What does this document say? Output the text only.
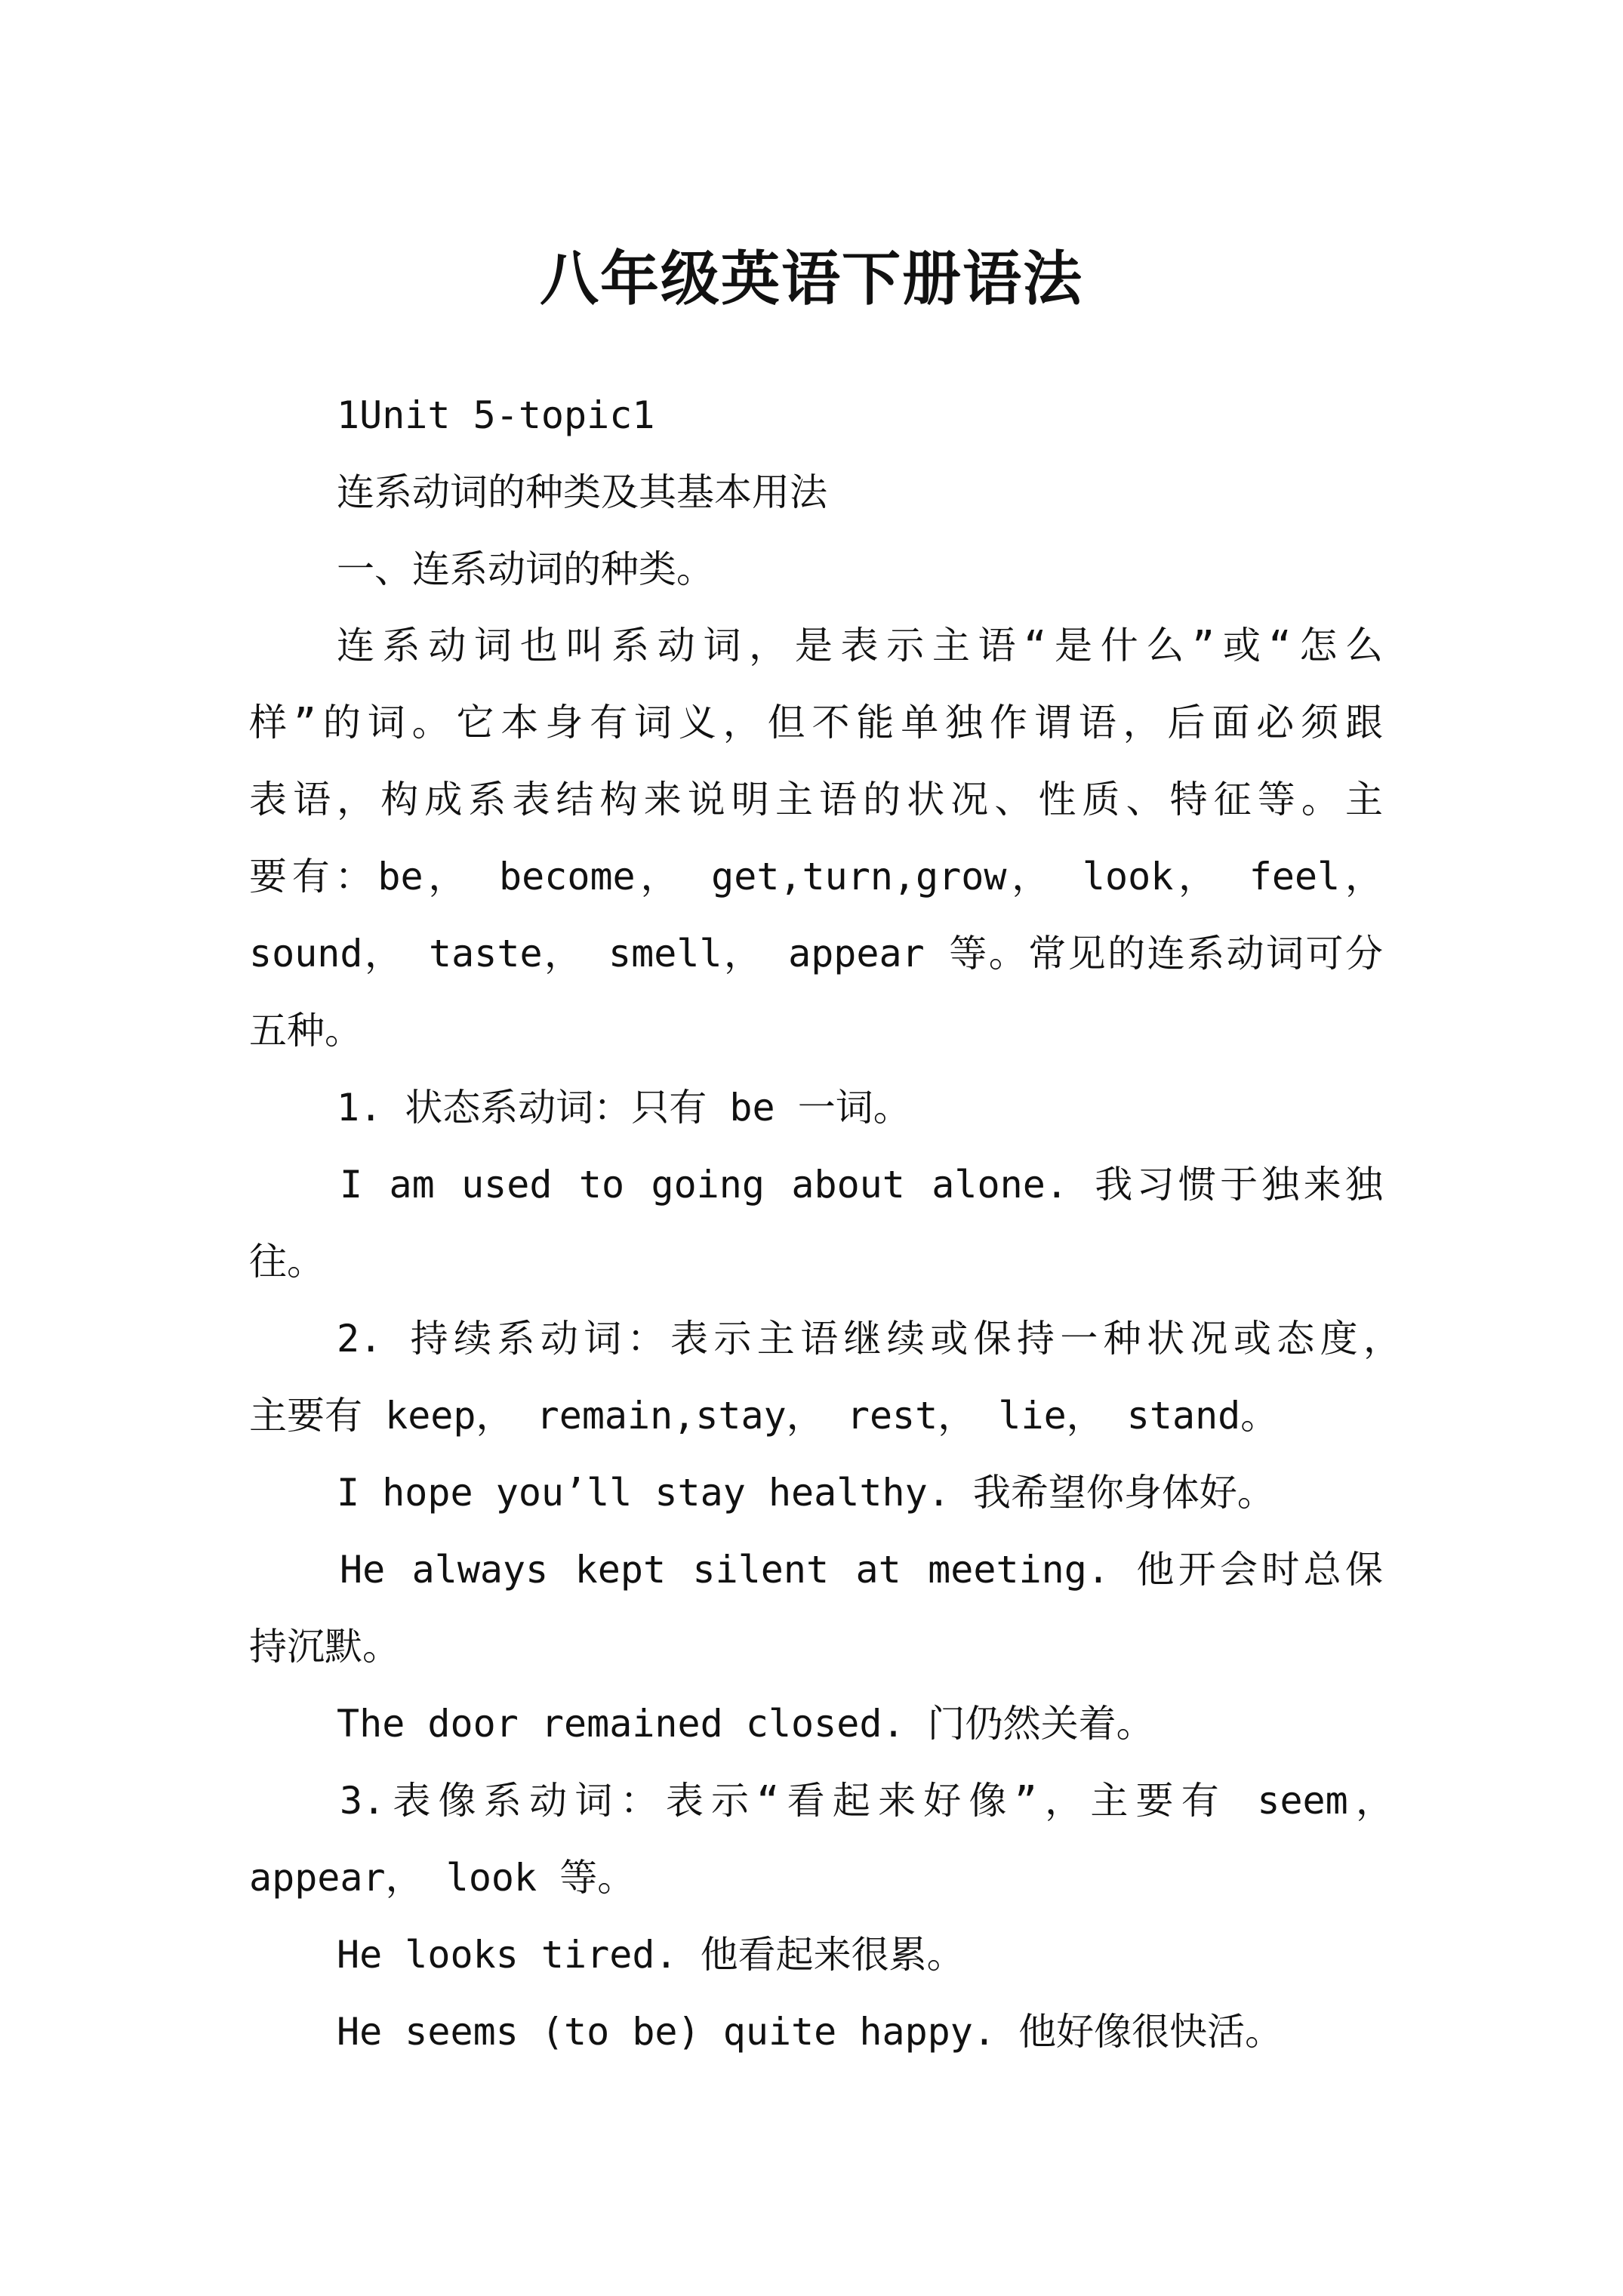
八年级英语下册语法
1Unit 5-topic1
连系动词的种类及其基本用法
一、连系动词的种类。
连系动词也叫系动词，是表示主语“是什么”或“怎么
样”的词。它本身有词义，但不能单独作谓语，后面必须跟
表语，构成系表结构来说明主语的状况、性质、特征等。主
要有：be， become， get,turn,grow， look， feel，
sound， taste， smell， appear 等。常见的连系动词可分
五种。
1. 状态系动词：只有 be 一词。
I am used to going about alone. 我习惯于独来独
往。
2. 持续系动词：表示主语继续或保持一种状况或态度，
主要有 keep， remain,stay， rest， lie， stand。
I hope you’ll stay healthy. 我希望你身体好。
He always kept silent at meeting. 他开会时总保
持沉默。
The door remained closed. 门仍然关着。
3.表像系动词：表示“看起来好像”，主要有 seem，
appear， look 等。
He looks tired. 他看起来很累。
He seems (to be) quite happy. 他好像很快活。
